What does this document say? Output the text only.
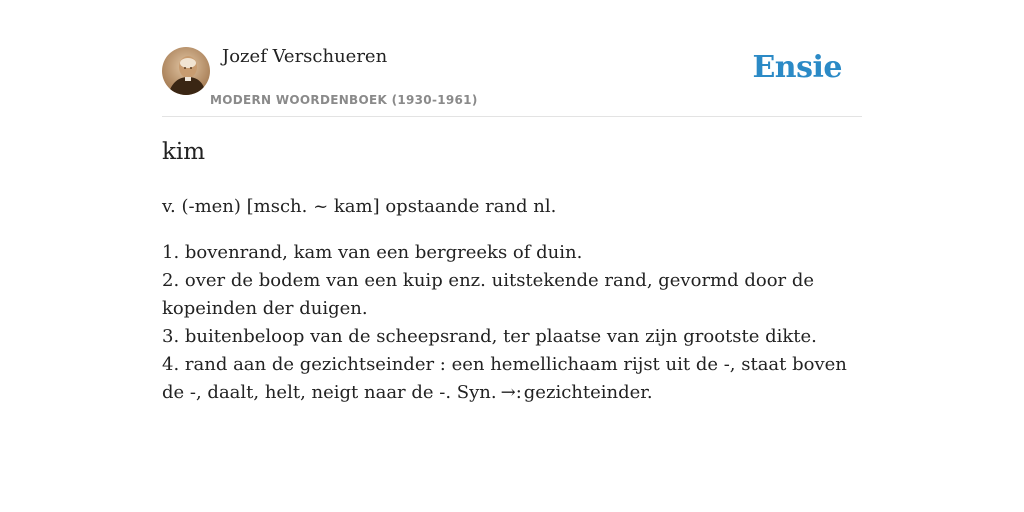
Jozef Verschueren
MODERN WOORDENBOEK (1930-1961)
Ensie
kim
v. (-men) [msch. ~ kam] opstaande rand nl.
1. bovenrand, kam van een bergreeks of duin.
2. over de bodem van een kuip enz. uitstekende rand, gevormd door de kopeinden der duigen.
3. buitenbeloop van de scheepsrand, ter plaatse van zijn grootste dikte.
4. rand aan de gezichtseinder : een hemellichaam rijst uit de -, staat boven de -, daalt, helt, neigt naar de -. Syn. →: gezichteinder.
